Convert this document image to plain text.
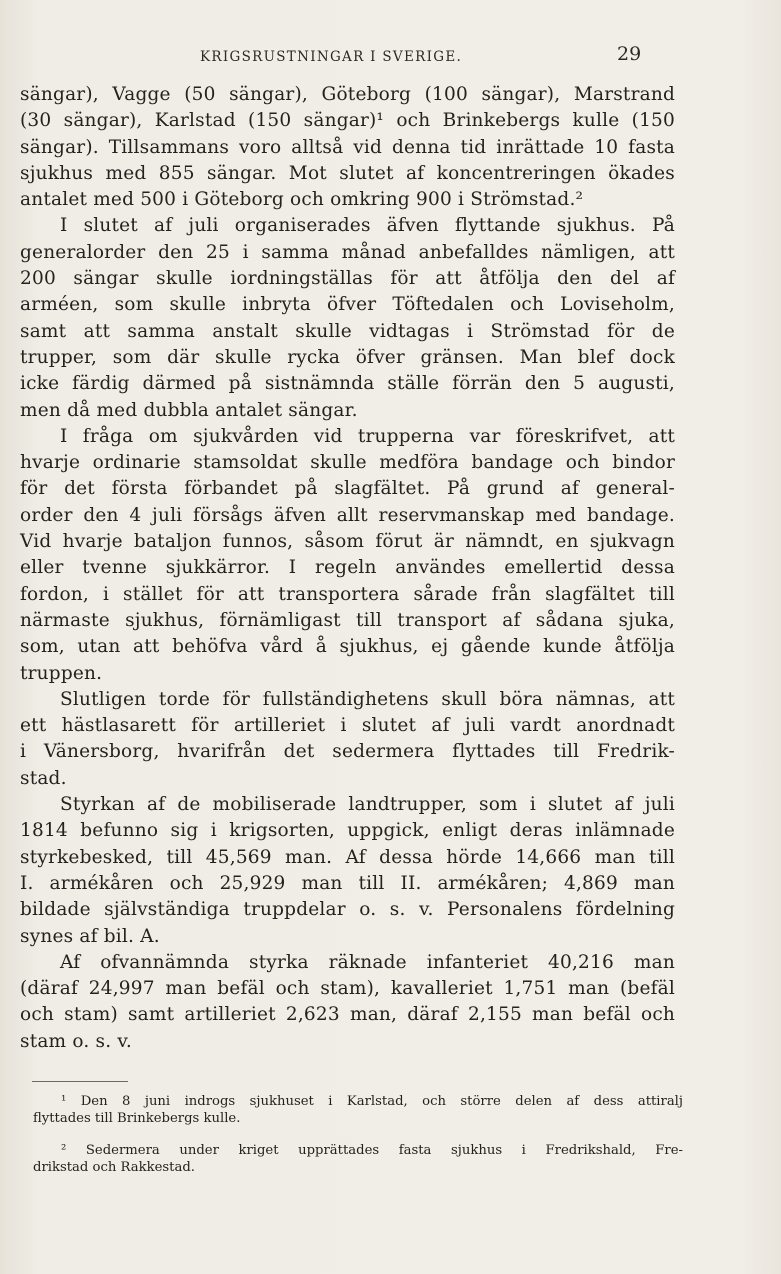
KRIGSRUSTNINGAR I SVERIGE.	29
sängar), Vagge (50 sängar), Göteborg (100 sängar), Marstrand
(30 sängar), Karlstad (150 sängar)¹ och Brinkebergs kulle (150
sängar). Tillsammans voro alltså vid denna tid inrättade 10 fasta
sjukhus med 855 sängar. Mot slutet af koncentreringen ökades
antalet med 500 i Göteborg och omkring 900 i Strömstad.²
I slutet af juli organiserades äfven flyttande sjukhus. På
generalorder den 25 i samma månad anbefalldes nämligen, att
200 sängar skulle iordningställas för att åtfölja den del af
arméen, som skulle inbryta öfver Töftedalen och Loviseholm,
samt att samma anstalt skulle vidtagas i Strömstad för de
trupper, som där skulle rycka öfver gränsen. Man blef dock
icke färdig därmed på sistnämnda ställe förrän den 5 augusti,
men då med dubbla antalet sängar.
I fråga om sjukvården vid trupperna var föreskrifvet, att
hvarje ordinarie stamsoldat skulle medföra bandage och bindor
för det första förbandet på slagfältet. På grund af general-
order den 4 juli försågs äfven allt reservmanskap med bandage.
Vid hvarje bataljon funnos, såsom förut är nämndt, en sjukvagn
eller tvenne sjukkärror. I regeln användes emellertid dessa
fordon, i stället för att transportera sårade från slagfältet till
närmaste sjukhus, förnämligast till transport af sådana sjuka,
som, utan att behöfva vård å sjukhus, ej gående kunde åtfölja
truppen.
Slutligen torde för fullständighetens skull böra nämnas, att
ett hästlasarett för artilleriet i slutet af juli vardt anordnadt
i Vänersborg, hvarifrån det sedermera flyttades till Fredrik-
stad.
Styrkan af de mobiliserade landtrupper, som i slutet af juli
1814 befunno sig i krigsorten, uppgick, enligt deras inlämnade
styrkebesked, till 45,569 man. Af dessa hörde 14,666 man till
I. armékåren och 25,929 man till II. armékåren; 4,869 man
bildade självständiga truppdelar o. s. v. Personalens fördelning
synes af bil. A.
Af ofvannämnda styrka räknade infanteriet 40,216 man
(däraf 24,997 man befäl och stam), kavalleriet 1,751 man (befäl
och stam) samt artilleriet 2,623 man, däraf 2,155 man befäl och
stam o. s. v.
¹ Den 8 juni indrogs sjukhuset i Karlstad, och större delen af dess attiralj
flyttades till Brinkebergs kulle.
² Sedermera under kriget upprättades fasta sjukhus i Fredrikshald, Fre-
drikstad och Rakkestad.
